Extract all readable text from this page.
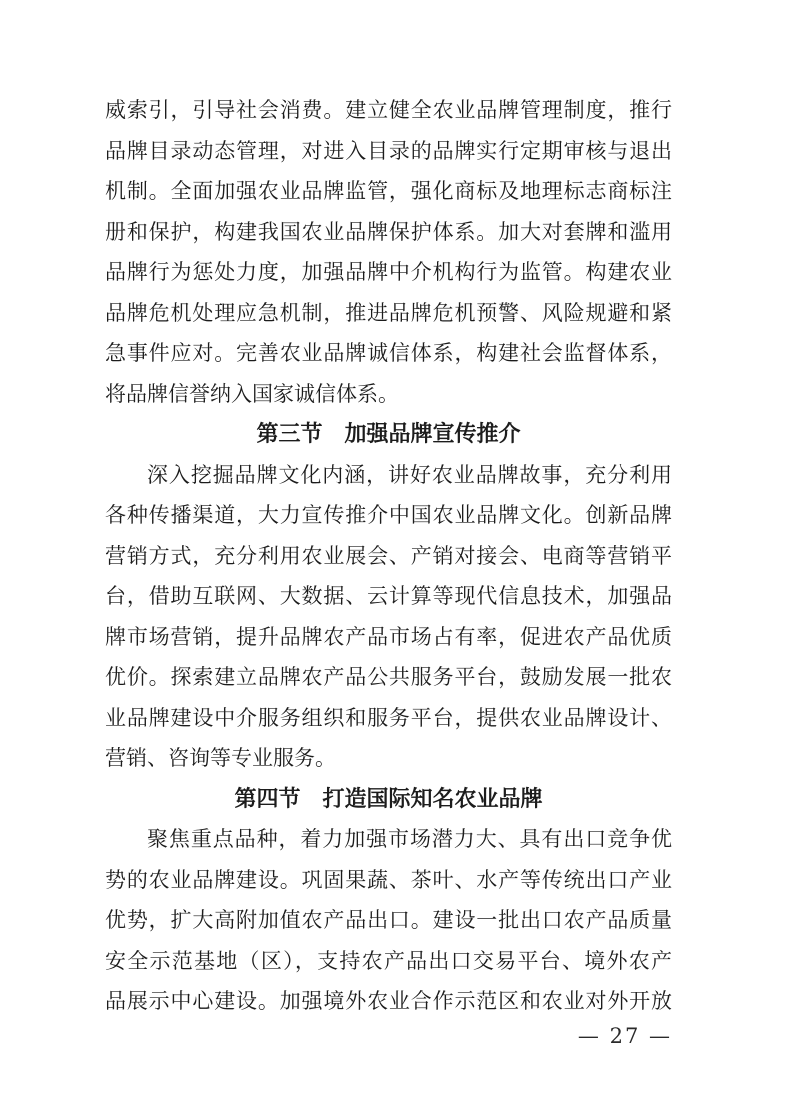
威索引，引导社会消费。建立健全农业品牌管理制度，推行
品牌目录动态管理，对进入目录的品牌实行定期审核与退出
机制。全面加强农业品牌监管，强化商标及地理标志商标注
册和保护，构建我国农业品牌保护体系。加大对套牌和滥用
品牌行为惩处力度，加强品牌中介机构行为监管。构建农业
品牌危机处理应急机制，推进品牌危机预警、风险规避和紧
急事件应对。完善农业品牌诚信体系，构建社会监督体系，
将品牌信誉纳入国家诚信体系。
第三节　加强品牌宣传推介
深入挖掘品牌文化内涵，讲好农业品牌故事，充分利用
各种传播渠道，大力宣传推介中国农业品牌文化。创新品牌
营销方式，充分利用农业展会、产销对接会、电商等营销平
台，借助互联网、大数据、云计算等现代信息技术，加强品
牌市场营销，提升品牌农产品市场占有率，促进农产品优质
优价。探索建立品牌农产品公共服务平台，鼓励发展一批农
业品牌建设中介服务组织和服务平台，提供农业品牌设计、
营销、咨询等专业服务。
第四节　打造国际知名农业品牌
聚焦重点品种，着力加强市场潜力大、具有出口竞争优
势的农业品牌建设。巩固果蔬、茶叶、水产等传统出口产业
优势，扩大高附加值农产品出口。建设一批出口农产品质量
安全示范基地（区），支持农产品出口交易平台、境外农产
品展示中心建设。加强境外农业合作示范区和农业对外开放
— 27 —
